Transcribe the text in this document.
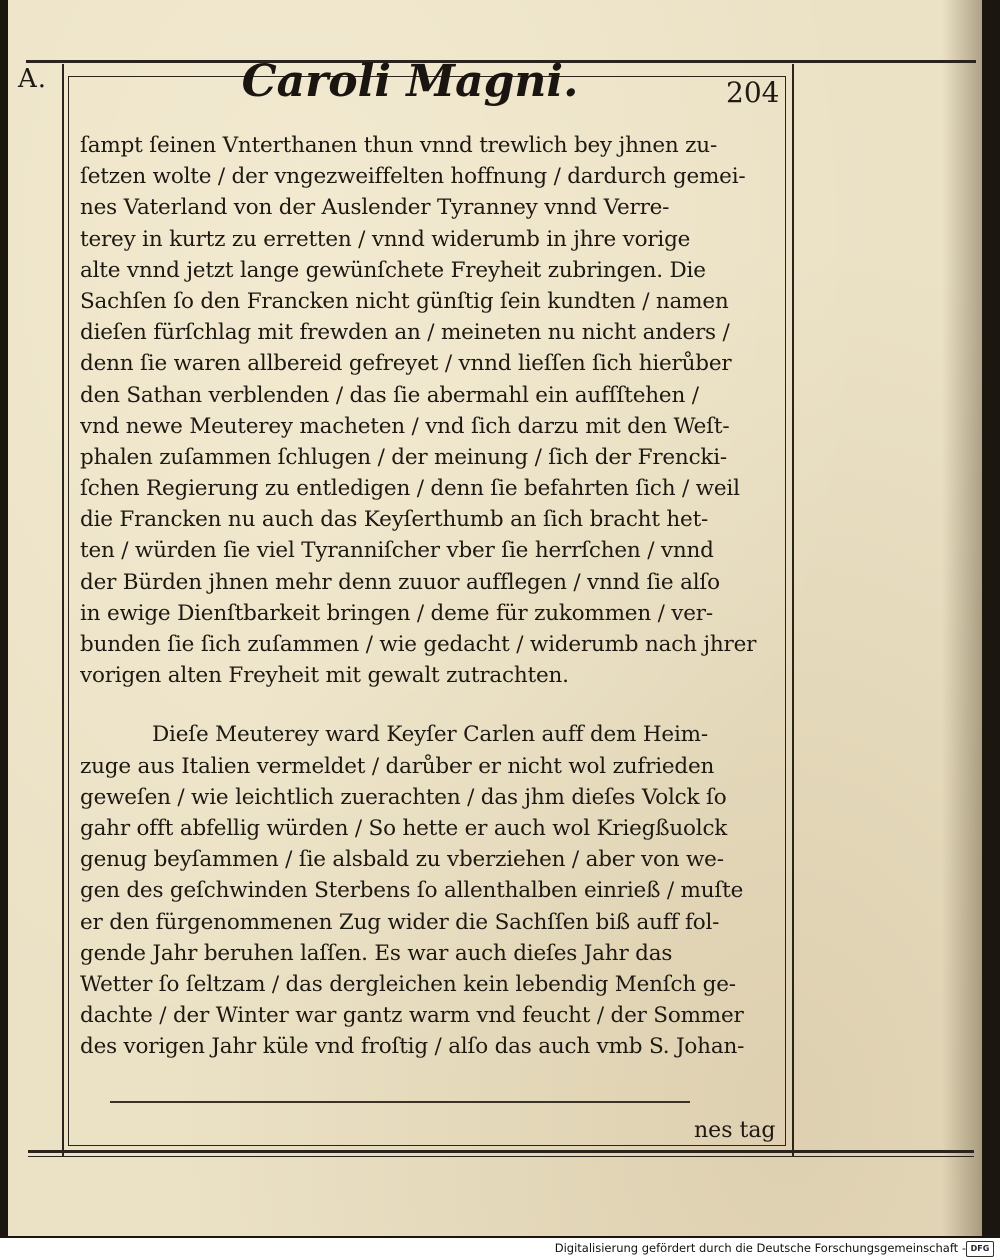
A.	Caroli Magni.	204
ſampt ſeinen Vnterthanen thun vnnd trewlich bey jhnen zu-
ſetzen wolte / der vngezweiffelten hoffnung / dardurch gemei-
nes Vaterland von der Auslender Tyranney vnnd Verre-
terey in kurtz zu erretten / vnnd widerumb in jhre vorige
alte vnnd jetzt lange gewünſchete Freyheit zubringen. Die
Sachſen ſo den Francken nicht günſtig ſein kundten / namen
dieſen fürſchlag mit frewden an / meineten nu nicht anders /
denn ſie waren allbereid gefreyet / vnnd lieſſen ſich hierůber
den Sathan verblenden / das ſie abermahl ein aufſſtehen /
vnd newe Meuterey macheten / vnd ſich darzu mit den Weſt-
phalen zuſammen ſchlugen / der meinung / ſich der Frencki-
ſchen Regierung zu entledigen / denn ſie befahrten ſich / weil
die Francken nu auch das Keyſerthumb an ſich bracht het-
ten / würden ſie viel Tyranniſcher vber ſie herrſchen / vnnd
der Bürden jhnen mehr denn zuuor aufflegen / vnnd ſie alſo
in ewige Dienſtbarkeit bringen / deme für zukommen / ver-
bunden ſie ſich zuſammen / wie gedacht / widerumb nach jhrer
vorigen alten Freyheit mit gewalt zutrachten.
Dieſe Meuterey ward Keyſer Carlen auff dem Heim-
zuge aus Italien vermeldet / darůber er nicht wol zufrieden
geweſen / wie leichtlich zuerachten / das jhm dieſes Volck ſo
gahr offt abfellig würden / So hette er auch wol Kriegßuolck
genug beyſammen / ſie alsbald zu vberziehen / aber von we-
gen des geſchwinden Sterbens ſo allenthalben einrieß / muſte
er den fürgenommenen Zug wider die Sachſſen biß auff fol-
gende Jahr beruhen laſſen. Es war auch dieſes Jahr das
Wetter ſo ſeltzam / das dergleichen kein lebendig Menſch ge-
dachte / der Winter war gantz warm vnd feucht / der Sommer
des vorigen Jahr küle vnd froſtig / alſo das auch vmb S. Johan-
nes tag
Digitalisierung gefördert durch die Deutsche Forschungsgemeinschaft - DFG
